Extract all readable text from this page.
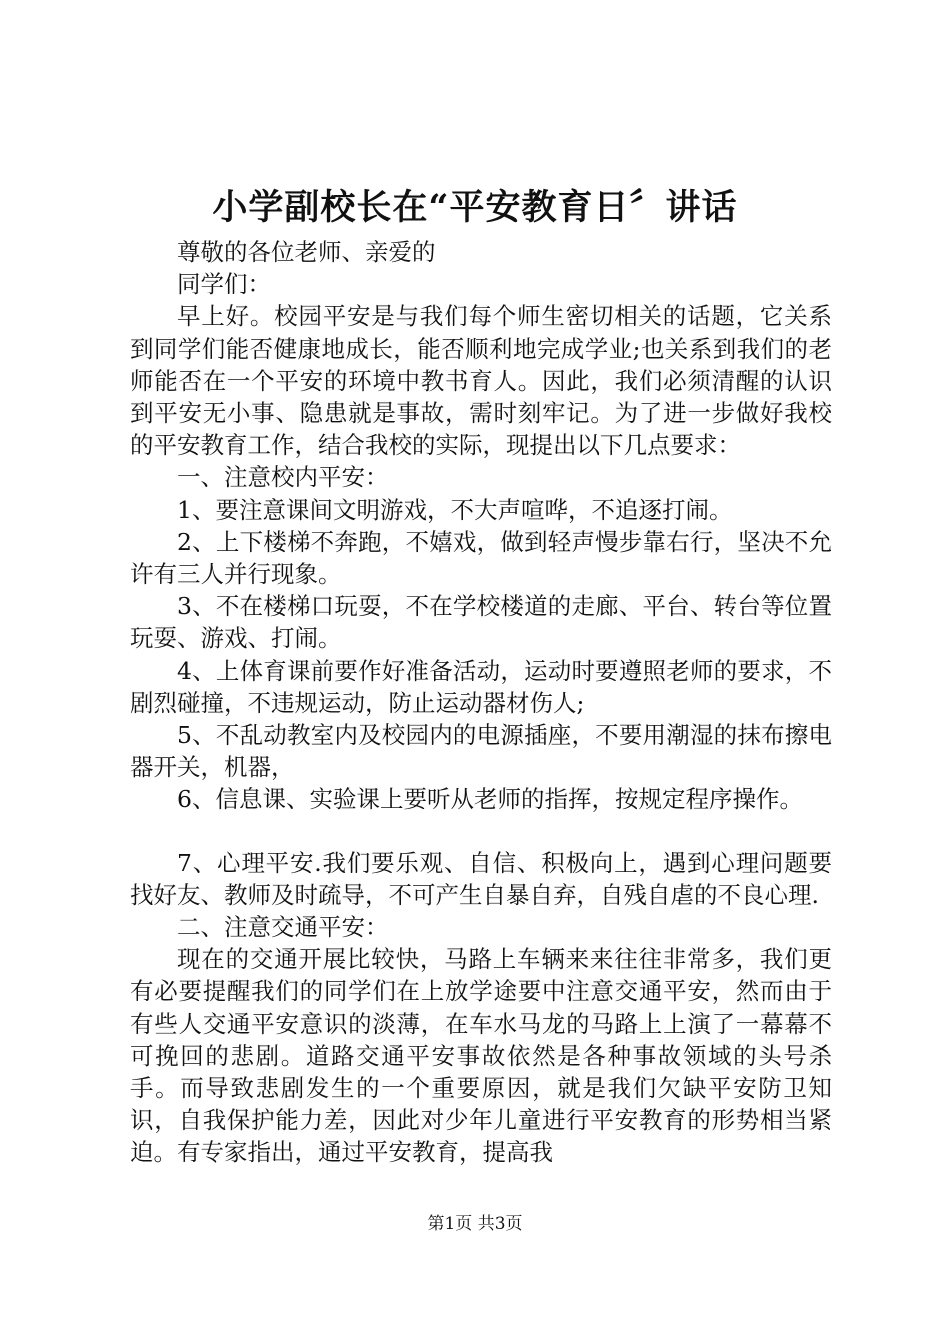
小学副校长在“平安教育日〞讲话

尊敬的各位老师、亲爱的

同学们：

早上好。校园平安是与我们每个师生密切相关的话题，它关系到同学们能否健康地成长，能否顺利地完成学业;也关系到我们的老师能否在一个平安的环境中教书育人。因此，我们必须清醒的认识到平安无小事、隐患就是事故，需时刻牢记。为了进一步做好我校的平安教育工作，结合我校的实际，现提出以下几点要求：

一、注意校内平安：

1、要注意课间文明游戏，不大声喧哗，不追逐打闹。

2、上下楼梯不奔跑，不嬉戏，做到轻声慢步靠右行，坚决不允许有三人并行现象。

3、不在楼梯口玩耍，不在学校楼道的走廊、平台、转台等位置玩耍、游戏、打闹。

4、上体育课前要作好准备活动，运动时要遵照老师的要求，不剧烈碰撞，不违规运动，防止运动器材伤人;

5、不乱动教室内及校园内的电源插座，不要用潮湿的抹布擦电器开关，机器，

6、信息课、实验课上要听从老师的指挥，按规定程序操作。

7、心理平安.我们要乐观、自信、积极向上，遇到心理问题要找好友、教师及时疏导，不可产生自暴自弃，自残自虐的不良心理.

二、注意交通平安：

现在的交通开展比较快，马路上车辆来来往往非常多，我们更有必要提醒我们的同学们在上放学途要中注意交通平安，然而由于有些人交通平安意识的淡薄，在车水马龙的马路上上演了一幕幕不可挽回的悲剧。道路交通平安事故依然是各种事故领域的头号杀手。而导致悲剧发生的一个重要原因，就是我们欠缺平安防卫知识，自我保护能力差，因此对少年儿童进行平安教育的形势相当紧迫。有专家指出，通过平安教育，提高我

第1页 共3页
